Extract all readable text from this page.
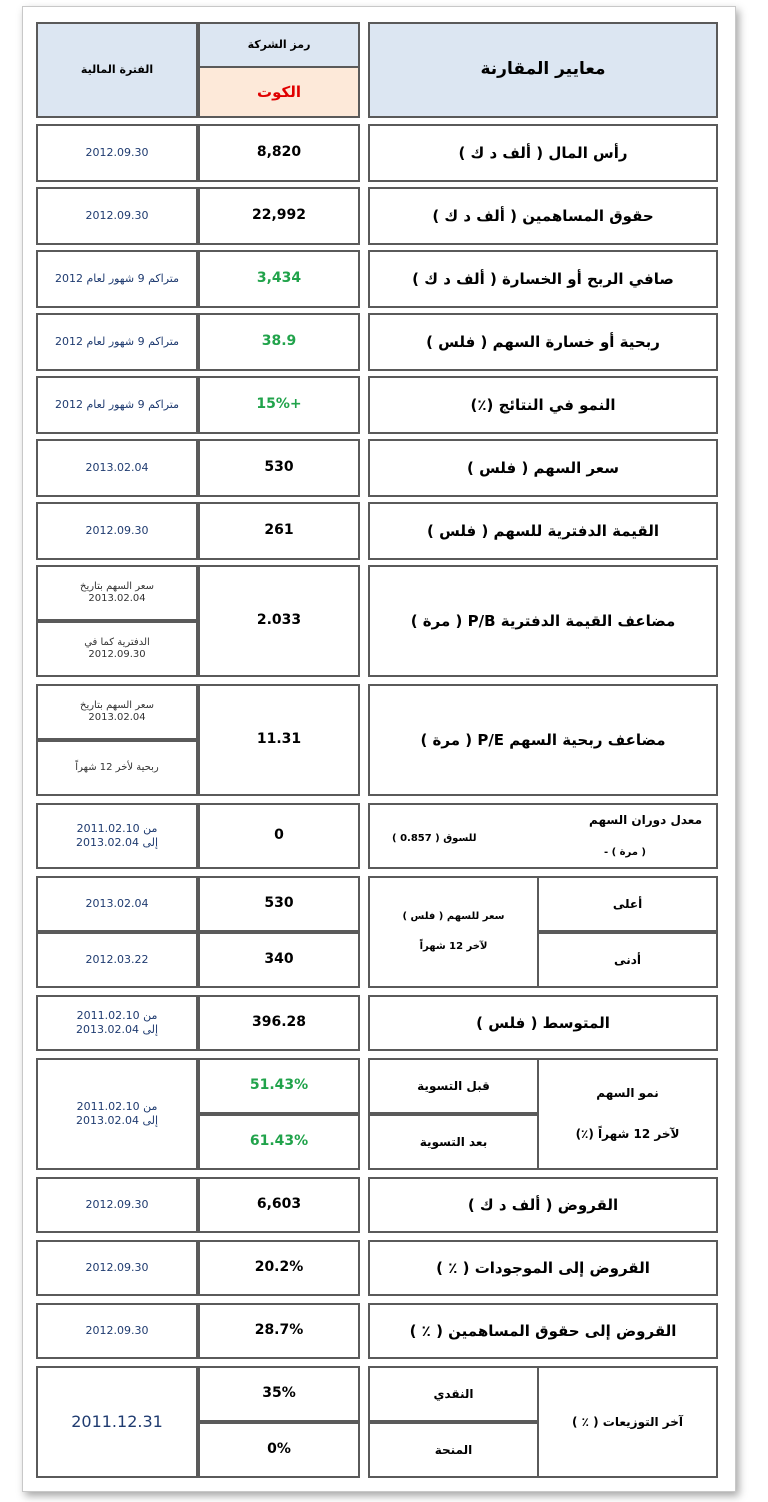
معايير المقارنة
رمز الشركة
الكوت
الفترة المالية
رأس المال ( ألف د ك )
8,820
2012.09.30
حقوق المساهمين ( ألف د ك )
22,992
2012.09.30
صافي الربح أو الخسارة ( ألف د ك )
3,434
متراكم 9 شهور لعام 2012
ربحية أو خسارة السهم ( فلس )
38.9
متراكم 9 شهور لعام 2012
النمو في النتائج (٪)
15%+
متراكم 9 شهور لعام 2012
سعر السهم ( فلس )
530
2013.02.04
القيمة الدفترية للسهم ( فلس )
261
2012.09.30
مضاعف القيمة الدفترية P/B ( مرة )
2.033
سعر السهم بتاريخ 2013.02.04
الدفترية كما في 2012.09.30
مضاعف ربحية السهم P/E ( مرة )
11.31
سعر السهم بتاريخ 2013.02.04
ربحية لأخر 12 شهراً
معدل دوران السهم
( مرة ) -
للسوق ( 0.857 )
0
من 2011.02.10
إلى 2013.02.04
أعلى
أدنى
سعر للسهم ( فلس )
لآخر 12 شهراً
530
340
2013.02.04
2012.03.22
المتوسط ( فلس )
396.28
من 2011.02.10
إلى 2013.02.04
نمو السهم
لآخر 12 شهراً (٪)
قبل التسوية
بعد التسوية
51.43%
61.43%
من 2011.02.10
إلى 2013.02.04
القروض ( ألف د ك )
6,603
2012.09.30
القروض إلى الموجودات ( ٪ )
20.2%
2012.09.30
القروض إلى حقوق المساهمين ( ٪ )
28.7%
2012.09.30
آخر التوزيعات ( ٪ )
النقدي
المنحة
35%
0%
2011.12.31
